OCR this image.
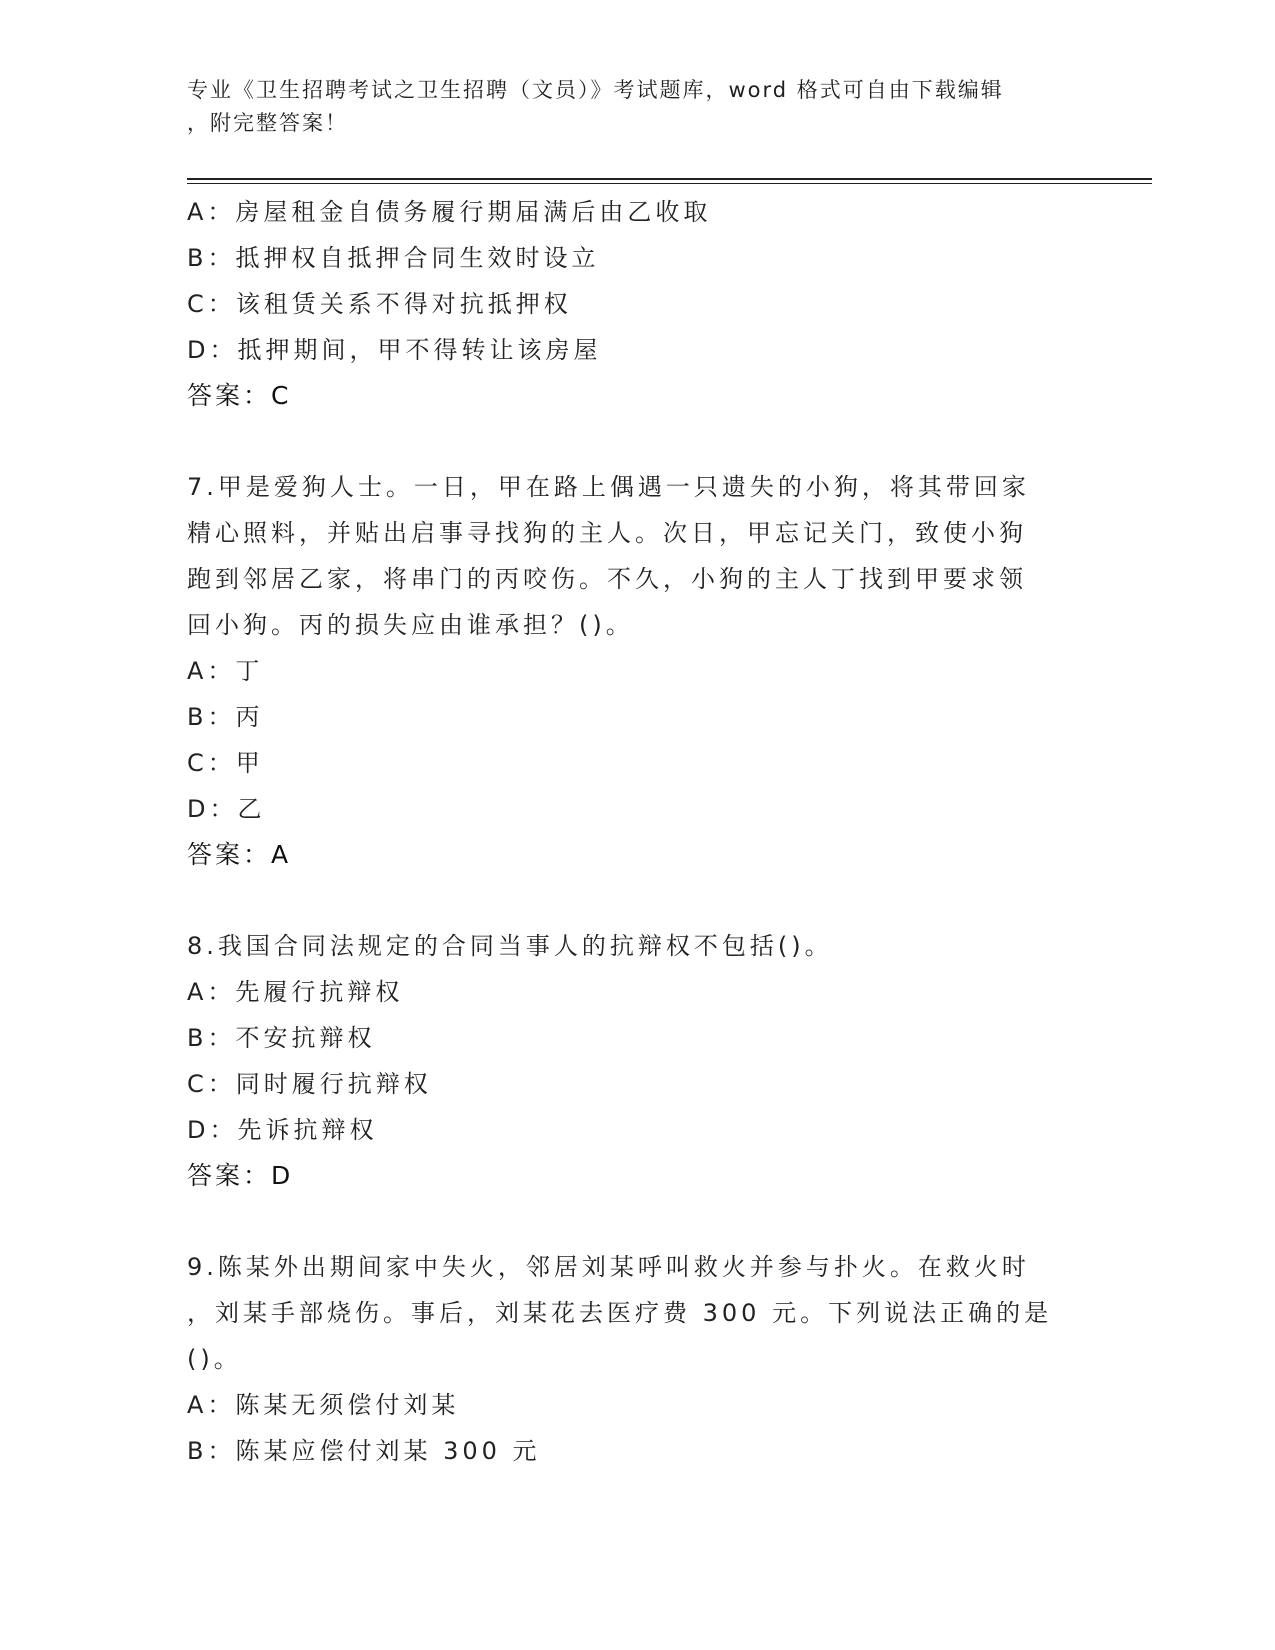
专业《卫生招聘考试之卫生招聘（文员）》考试题库，word 格式可自由下载编辑
，附完整答案！
A：房屋租金自债务履行期届满后由乙收取
B：抵押权自抵押合同生效时设立
C：该租赁关系不得对抗抵押权
D：抵押期间，甲不得转让该房屋
答案：C
7.甲是爱狗人士。一日，甲在路上偶遇一只遗失的小狗，将其带回家
精心照料，并贴出启事寻找狗的主人。次日，甲忘记关门，致使小狗
跑到邻居乙家，将串门的丙咬伤。不久，小狗的主人丁找到甲要求领
回小狗。丙的损失应由谁承担？()。
A：丁
B：丙
C：甲
D：乙
答案：A
8.我国合同法规定的合同当事人的抗辩权不包括()。
A：先履行抗辩权
B：不安抗辩权
C：同时履行抗辩权
D：先诉抗辩权
答案：D
9.陈某外出期间家中失火，邻居刘某呼叫救火并参与扑火。在救火时
，刘某手部烧伤。事后，刘某花去医疗费 300 元。下列说法正确的是
()。
A：陈某无须偿付刘某
B：陈某应偿付刘某 300 元
